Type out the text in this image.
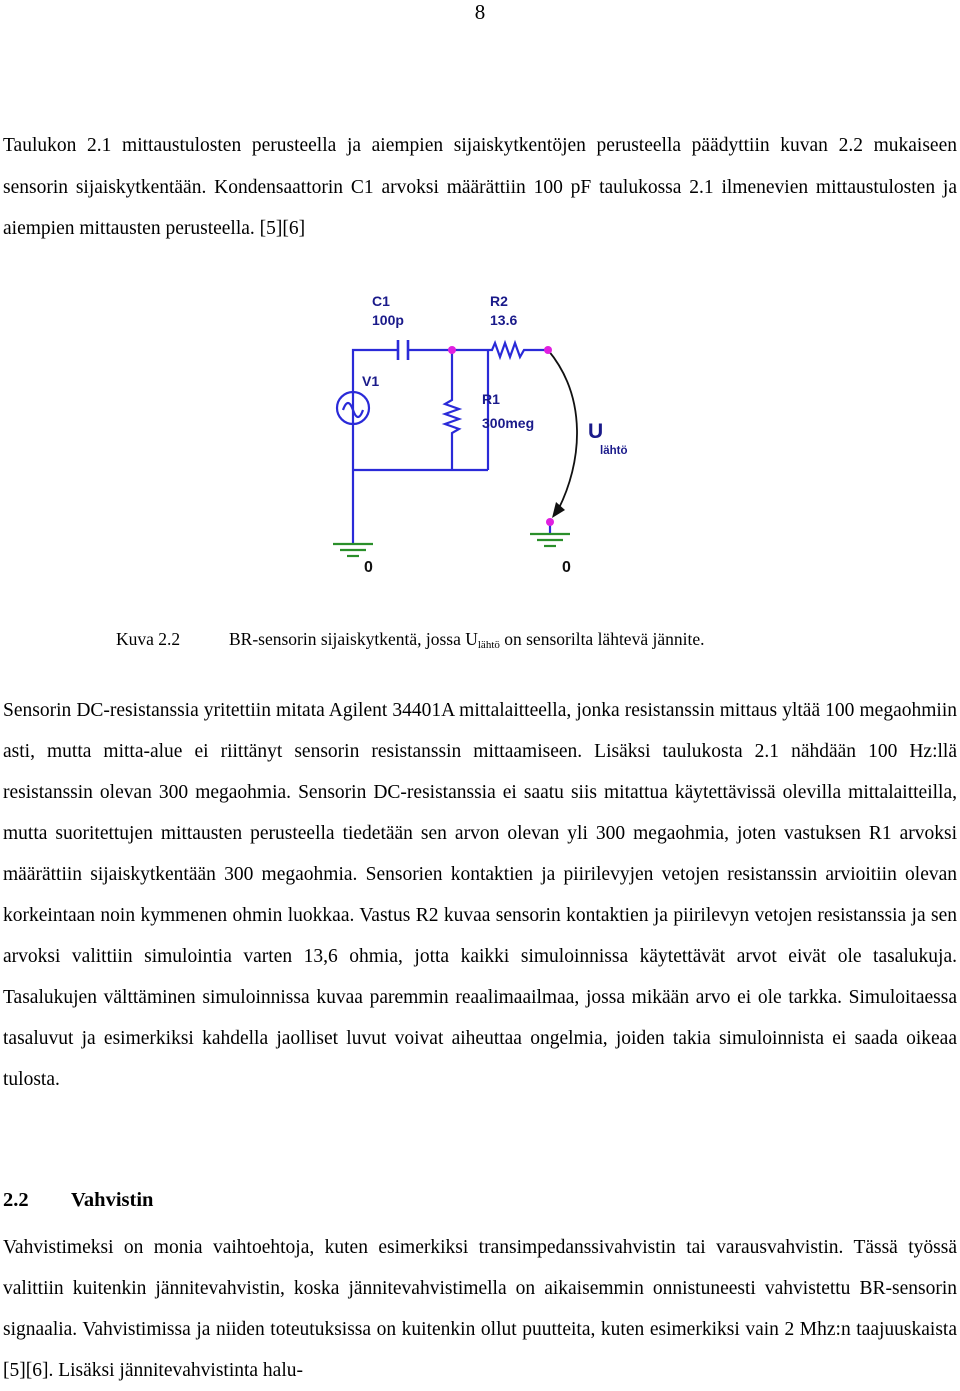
8

Taulukon 2.1 mittaustulosten perusteella ja aiempien sijaiskytkentöjen perusteella päädyttiin kuvan 2.2 mukaiseen sensorin sijaiskytkentään. Kondensaattorin C1 arvoksi määrättiin 100 pF taulukossa 2.1 ilmenevien mittaustulosten ja aiempien mittausten perusteella. [5][6]

C1
100p
R2
13.6
V1
R1
300meg	U
lähtö
0	0
Kuva 2.2	BR-sensorin sijaiskytkentä, jossa $U_{lähtö}$ on sensorilta lähtevä jännite.

Sensorin DC-resistanssia yritettiin mitata Agilent 34401A mittalaitteella, jonka resistanssin mittaus yltää 100 megaohmiin asti, mutta mitta-alue ei riittänyt sensorin resistanssin mittaamiseen. Lisäksi taulukosta 2.1 nähdään 100 Hz:llä resistanssin olevan 300 megaohmia. Sensorin DC-resistanssia ei saatu siis mitattua käytettävissä olevilla mittalaitteilla, mutta suoritettujen mittausten perusteella tiedetään sen arvon olevan yli 300 megaohmia, joten vastuksen R1 arvoksi määrättiin sijaiskytkentään 300 megaohmia. Sensorien kontaktien ja piirilevyjen vetojen resistanssin arvioitiin olevan korkeintaan noin kymmenen ohmin luokkaa. Vastus R2 kuvaa sensorin kontaktien ja piirilevyn vetojen resistanssia ja sen arvoksi valittiin simulointia varten 13,6 ohmia, jotta kaikki simuloinnissa käytettävät arvot eivät ole tasalukuja. Tasalukujen välttäminen simuloinnissa kuvaa paremmin reaalimaailmaa, jossa mikään arvo ei ole tarkka. Simuloitaessa tasaluvut ja esimerkiksi kahdella jaolliset luvut voivat aiheuttaa ongelmia, joiden takia simuloinnista ei saada oikeaa tulosta.

2.2 Vahvistin

Vahvistimeksi on monia vaihtoehtoja, kuten esimerkiksi transimpedanssivahvistin tai varausvahvistin. Tässä työssä valittiin kuitenkin jännitevahvistin, koska jännitevahvistimella on aikaisemmin onnistuneesti vahvistettu BR-sensorin signaalia. Vahvistimissa ja niiden toteutuksissa on kuitenkin ollut puutteita, kuten esimerkiksi vain 2 Mhz:n taajuuskaista [5][6]. Lisäksi jännitevahvistinta halu-
